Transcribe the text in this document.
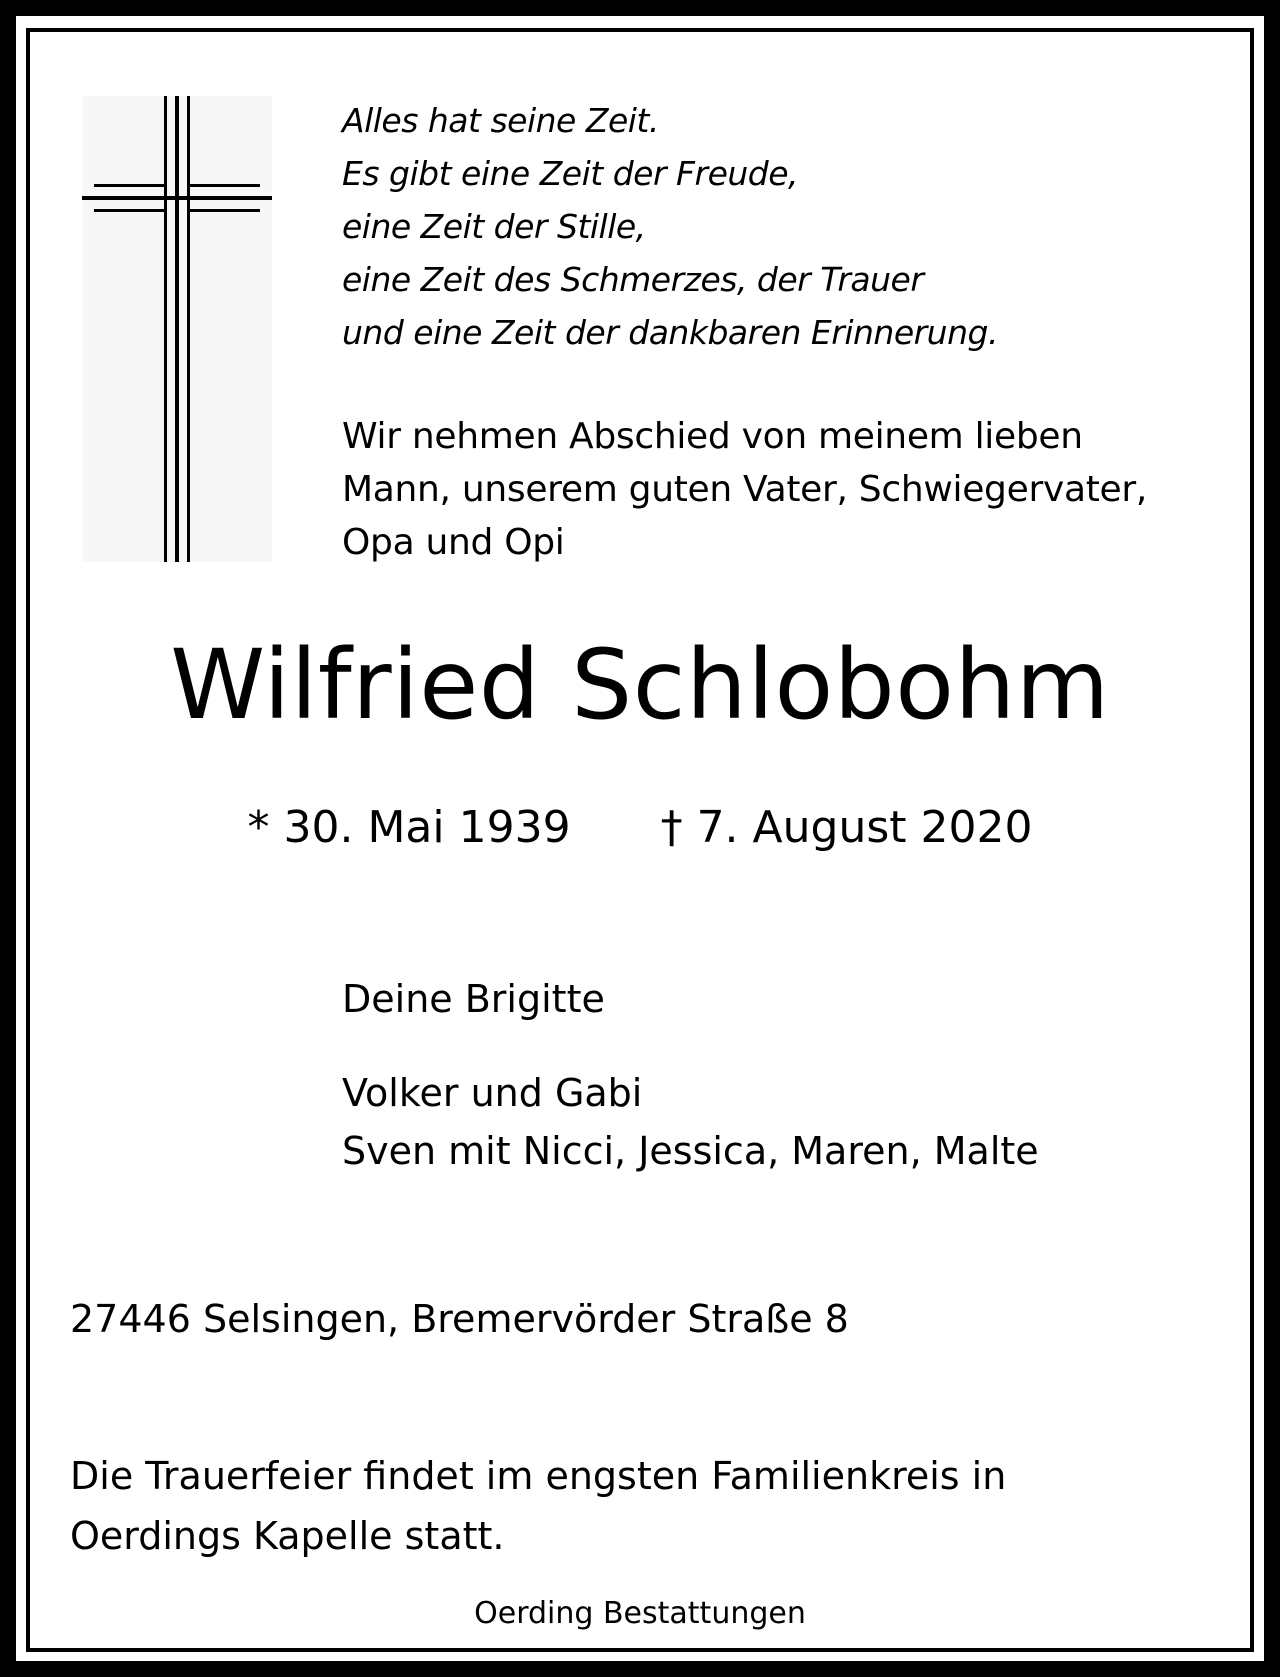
Alles hat seine Zeit.
Es gibt eine Zeit der Freude,
eine Zeit der Stille,
eine Zeit des Schmerzes, der Trauer
und eine Zeit der dankbaren Erinnerung.
Wir nehmen Abschied von meinem lieben
Mann, unserem guten Vater, Schwiegervater,
Opa und Opi
Wilfried Schlobohm
* 30. Mai 1939 † 7. August 2020
Deine Brigitte
Volker und Gabi
Sven mit Nicci, Jessica, Maren, Malte
27446 Selsingen, Bremervörder Straße 8
Die Trauerfeier findet im engsten Familienkreis in
Oerdings Kapelle statt.
Oerding Bestattungen
